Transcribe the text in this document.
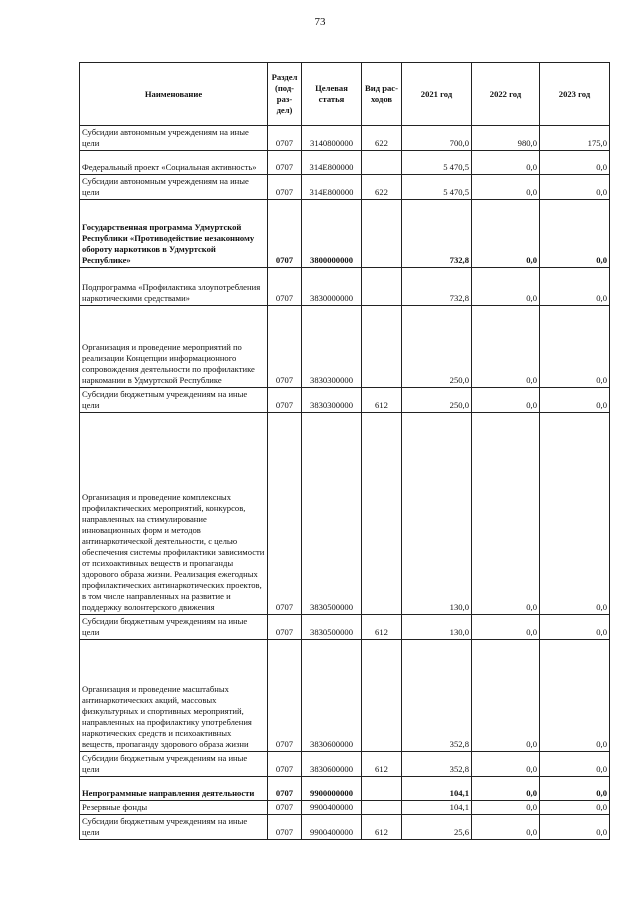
73
Наименование	Раздел (под-раз-дел)	Целевая статья	Вид рас-ходов	2021 год	2022 год	2023 год

Субсидии автономным учреждениям на иные цели	0707	3140800000	622	700,0	980,0	175,0

Федеральный проект «Социальная активность»	0707	314E800000		5 470,5	0,0	0,0

Субсидии автономным учреждениям на иные цели	0707	314E800000	622	5 470,5	0,0	0,0

Государственная программа Удмуртской Республики «Противодействие незаконному обороту наркотиков в Удмуртской Республике»	0707	3800000000		732,8	0,0	0,0

Подпрограмма «Профилактика злоупотребления наркотическими средствами»	0707	3830000000		732,8	0,0	0,0

Организация и проведение мероприятий по реализации Концепции информационного сопровождения деятельности по профилактике наркомании в Удмуртской Республике	0707	3830300000		250,0	0,0	0,0

Субсидии бюджетным учреждениям на иные цели	0707	3830300000	612	250,0	0,0	0,0

Организация и проведение комплексных профилактических мероприятий, конкурсов, направленных на стимулирование инновационных форм и методов антинаркотической деятельности, с целью обеспечения системы профилактики зависимости от психоактивных веществ и пропаганды здорового образа жизни. Реализация ежегодных профилактических антинаркотических проектов, в том числе направленных на развитие и поддержку волонтерского движения	0707	3830500000		130,0	0,0	0,0

Субсидии бюджетным учреждениям на иные цели	0707	3830500000	612	130,0	0,0	0,0

Организация и проведение масштабных антинаркотических акций, массовых физкультурных и спортивных мероприятий, направленных на профилактику употребления наркотических средств и психоактивных веществ, пропаганду здорового образа жизни	0707	3830600000		352,8	0,0	0,0

Субсидии бюджетным учреждениям на иные цели	0707	3830600000	612	352,8	0,0	0,0

Непрограммные направления деятельности	0707	9900000000		104,1	0,0	0,0

Резервные фонды	0707	9900400000		104,1	0,0	0,0

Субсидии бюджетным учреждениям на иные цели	0707	9900400000	612	25,6	0,0	0,0
